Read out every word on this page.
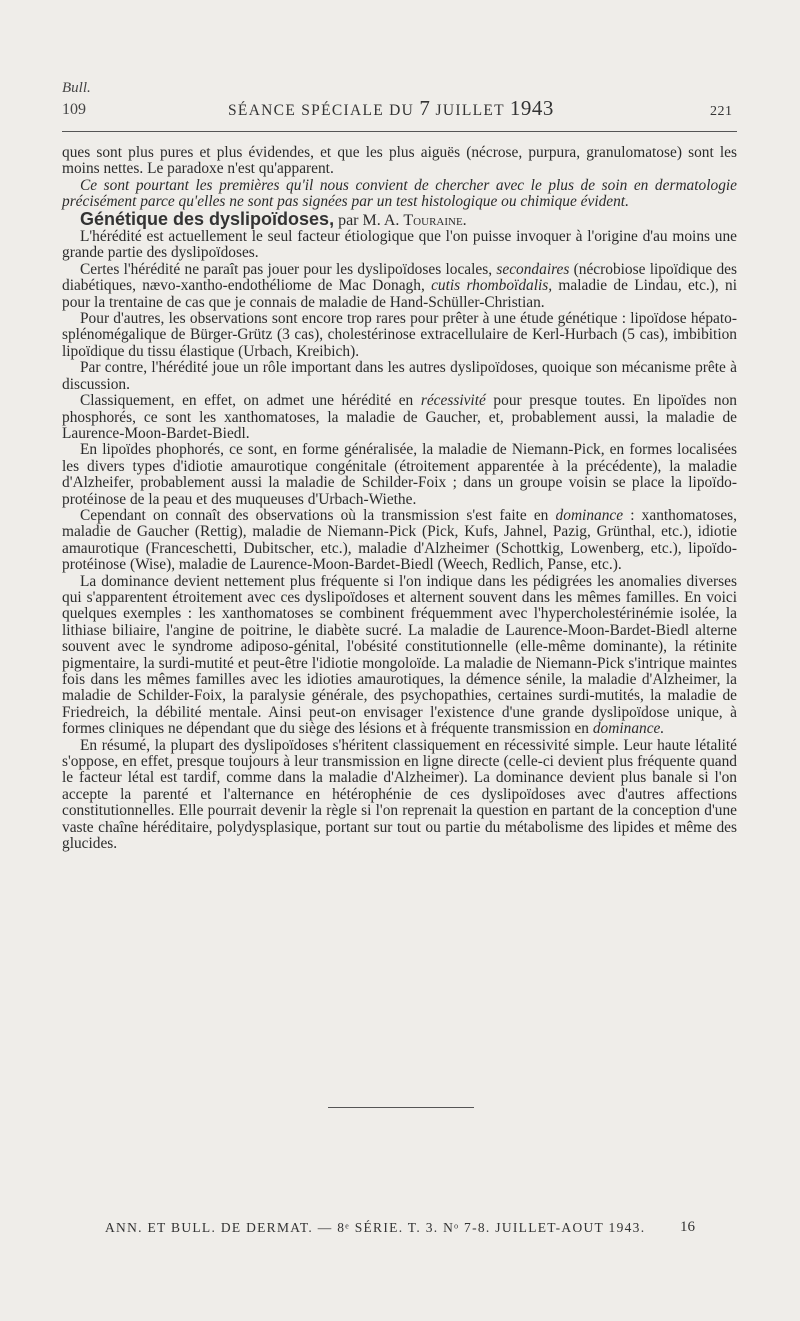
Bull.
109	SÉANCE SPÉCIALE DU 7 JUILLET 1943	221

ques sont plus pures et plus évidendes, et que les plus aiguës (nécrose, purpura, granulomatose) sont les moins nettes. Le paradoxe n'est qu'apparent.

Ce sont pourtant les premières qu'il nous convient de chercher avec le plus de soin en dermatologie précisément parce qu'elles ne sont pas signées par un test histologique ou chimique évident.

Génétique des dyslipoïdoses, par M. A. Touraine.

L'hérédité est actuellement le seul facteur étiologique que l'on puisse invoquer à l'origine d'au moins une grande partie des dyslipoïdoses.

Certes l'hérédité ne paraît pas jouer pour les dyslipoïdoses locales, secondaires (nécrobiose lipoïdique des diabétiques, nævo-xantho-endothéliome de Mac Donagh, cutis rhomboïdalis, maladie de Lindau, etc.), ni pour la trentaine de cas que je connais de maladie de Hand-Schüller-Christian.

Pour d'autres, les observations sont encore trop rares pour prêter à une étude génétique : lipoïdose hépato-splénomégalique de Bürger-Grütz (3 cas), cholestérinose extracellulaire de Kerl-Hurbach (5 cas), imbibition lipoïdique du tissu élastique (Urbach, Kreibich).

Par contre, l'hérédité joue un rôle important dans les autres dyslipoïdoses, quoique son mécanisme prête à discussion.

Classiquement, en effet, on admet une hérédité en récessivité pour presque toutes. En lipoïdes non phosphorés, ce sont les xanthomatoses, la maladie de Gaucher, et, probablement aussi, la maladie de Laurence-Moon-Bardet-Biedl.

En lipoïdes phophorés, ce sont, en forme généralisée, la maladie de Niemann-Pick, en formes localisées les divers types d'idiotie amaurotique congénitale (étroitement apparentée à la précédente), la maladie d'Alzheifer, probablement aussi la maladie de Schilder-Foix ; dans un groupe voisin se place la lipoïdo-protéinose de la peau et des muqueuses d'Urbach-Wiethe.

Cependant on connaît des observations où la transmission s'est faite en dominance : xanthomatoses, maladie de Gaucher (Rettig), maladie de Niemann-Pick (Pick, Kufs, Jahnel, Pazig, Grünthal, etc.), idiotie amaurotique (Franceschetti, Dubitscher, etc.), maladie d'Alzheimer (Schottkig, Lowenberg, etc.), lipoïdo-protéinose (Wise), maladie de Laurence-Moon-Bardet-Biedl (Weech, Redlich, Panse, etc.).

La dominance devient nettement plus fréquente si l'on indique dans les pédigrées les anomalies diverses qui s'apparentent étroitement avec ces dyslipoïdoses et alternent souvent dans les mêmes familles. En voici quelques exemples : les xanthomatoses se combinent fréquemment avec l'hypercholestérinémie isolée, la lithiase biliaire, l'angine de poitrine, le diabète sucré. La maladie de Laurence-Moon-Bardet-Biedl alterne souvent avec le syndrome adiposo-génital, l'obésité constitutionnelle (elle-même dominante), la rétinite pigmentaire, la surdi-mutité et peut-être l'idiotie mongoloïde. La maladie de Niemann-Pick s'intrique maintes fois dans les mêmes familles avec les idioties amaurotiques, la démence sénile, la maladie d'Alzheimer, la maladie de Schilder-Foix, la paralysie générale, des psychopathies, certaines surdi-mutités, la maladie de Friedreich, la débilité mentale. Ainsi peut-on envisager l'existence d'une grande dyslipoïdose unique, à formes cliniques ne dépendant que du siège des lésions et à fréquente transmission en dominance.

En résumé, la plupart des dyslipoïdoses s'héritent classiquement en récessivité simple. Leur haute létalité s'oppose, en effet, presque toujours à leur transmission en ligne directe (celle-ci devient plus fréquente quand le facteur létal est tardif, comme dans la maladie d'Alzheimer). La dominance devient plus banale si l'on accepte la parenté et l'alternance en hétérophénie de ces dyslipoïdoses avec d'autres affections constitutionnelles. Elle pourrait devenir la règle si l'on reprenait la question en partant de la conception d'une vaste chaîne héréditaire, polydysplasique, portant sur tout ou partie du métabolisme des lipides et même des glucides.

ANN. ET BULL. DE DERMAT. — 8ᵉ SÉRIE. T. 3. Nᵒ 7-8. JUILLET-AOUT 1943. 16
